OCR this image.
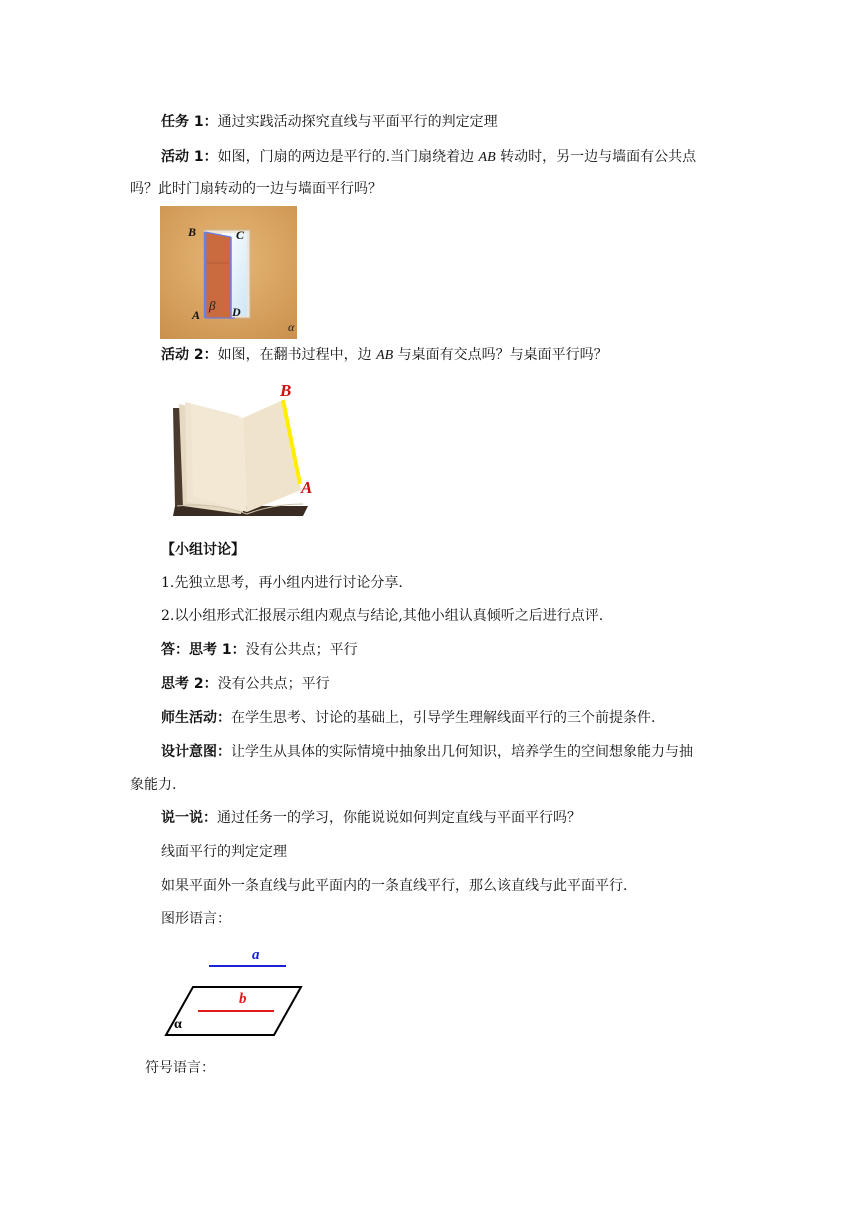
任务 1：通过实践活动探究直线与平面平行的判定定理
活动 1：如图，门扇的两边是平行的.当门扇绕着边 AB 转动时，另一边与墙面有公共点
吗？此时门扇转动的一边与墙面平行吗？
B	C
A	D
β
α
活动 2：如图，在翻书过程中，边 AB 与桌面有交点吗？与桌面平行吗？
B
A
【小组讨论】
1.先独立思考，再小组内进行讨论分享.
2.以小组形式汇报展示组内观点与结论,其他小组认真倾听之后进行点评.
答：思考 1：没有公共点；平行
思考 2：没有公共点；平行
师生活动：在学生思考、讨论的基础上，引导学生理解线面平行的三个前提条件.
设计意图：让学生从具体的实际情境中抽象出几何知识，培养学生的空间想象能力与抽
象能力.
说一说：通过任务一的学习，你能说说如何判定直线与平面平行吗？
线面平行的判定定理
如果平面外一条直线与此平面内的一条直线平行，那么该直线与此平面平行.
图形语言：
a
b
α
符号语言：
